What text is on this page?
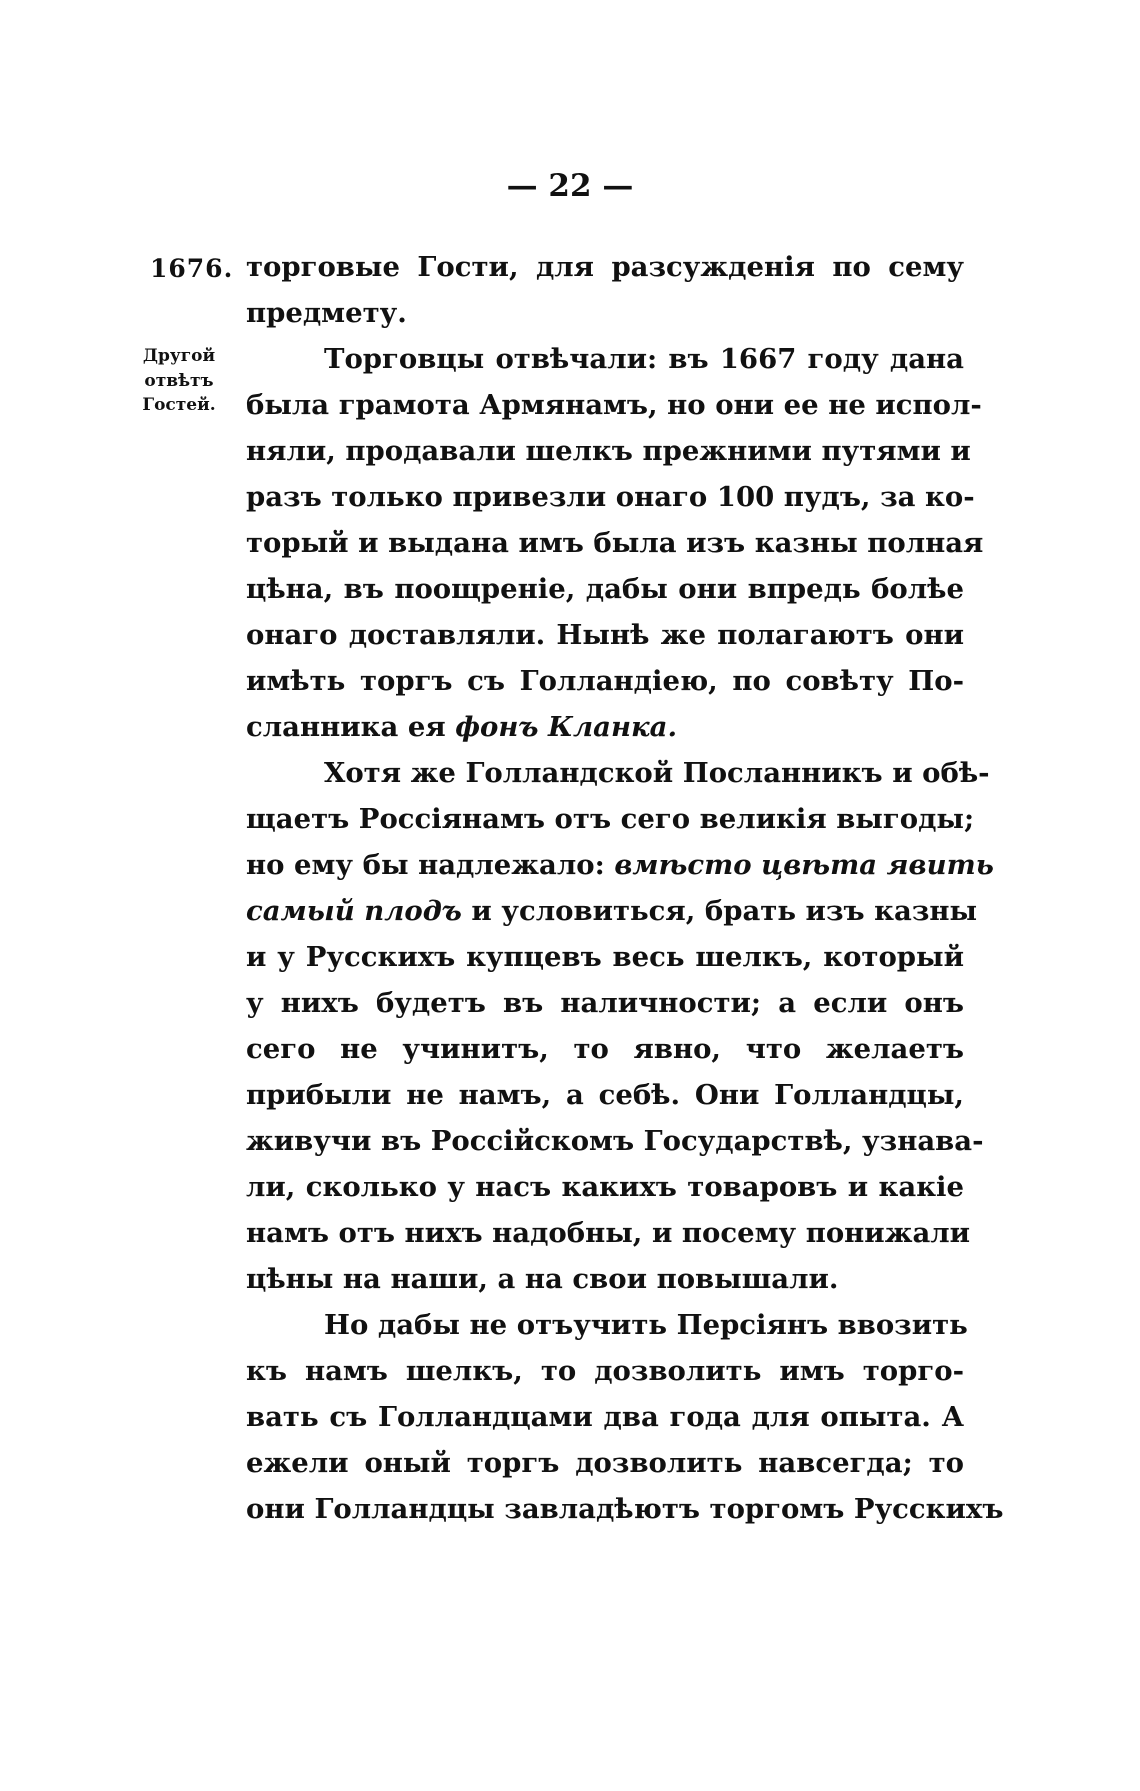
— 22 —
1676.
Другой
отвѣтъ
Гостей.
торговые Гости, для разсужденія по сему
предмету.
Торговцы отвѣчали: въ 1667 году дана
была грамота Армянамъ, но они ее не испол-
няли, продавали шелкъ прежними путями и
разъ только привезли онаго 100 пудъ, за ко-
торый и выдана имъ была изъ казны полная
цѣна, въ поощреніе, дабы они впредь болѣе
онаго доставляли. Нынѣ же полагаютъ они
имѣть торгъ съ Голландіею, по совѣту По-
сланника ея фонъ Кланка.
Хотя же Голландской Посланникъ и обѣ-
щаетъ Россіянамъ отъ сего великія выгоды;
но ему бы надлежало: вмѣсто цвѣта явить
самый плодъ и условиться, брать изъ казны
и у Русскихъ купцевъ весь шелкъ, который
у нихъ будетъ въ наличности; а если онъ
сего не учинитъ, то явно, что желаетъ
прибыли не намъ, а себѣ. Они Голландцы,
живучи въ Россійскомъ Государствѣ, узнава-
ли, сколько у насъ какихъ товаровъ и какіе
намъ отъ нихъ надобны, и посему понижали
цѣны на наши, а на свои повышали.
Но дабы не отъучить Персіянъ ввозить
къ намъ шелкъ, то дозволить имъ торго-
вать съ Голландцами два года для опыта. А
ежели оный торгъ дозволить навсегда; то
они Голландцы завладѣютъ торгомъ Русскихъ
